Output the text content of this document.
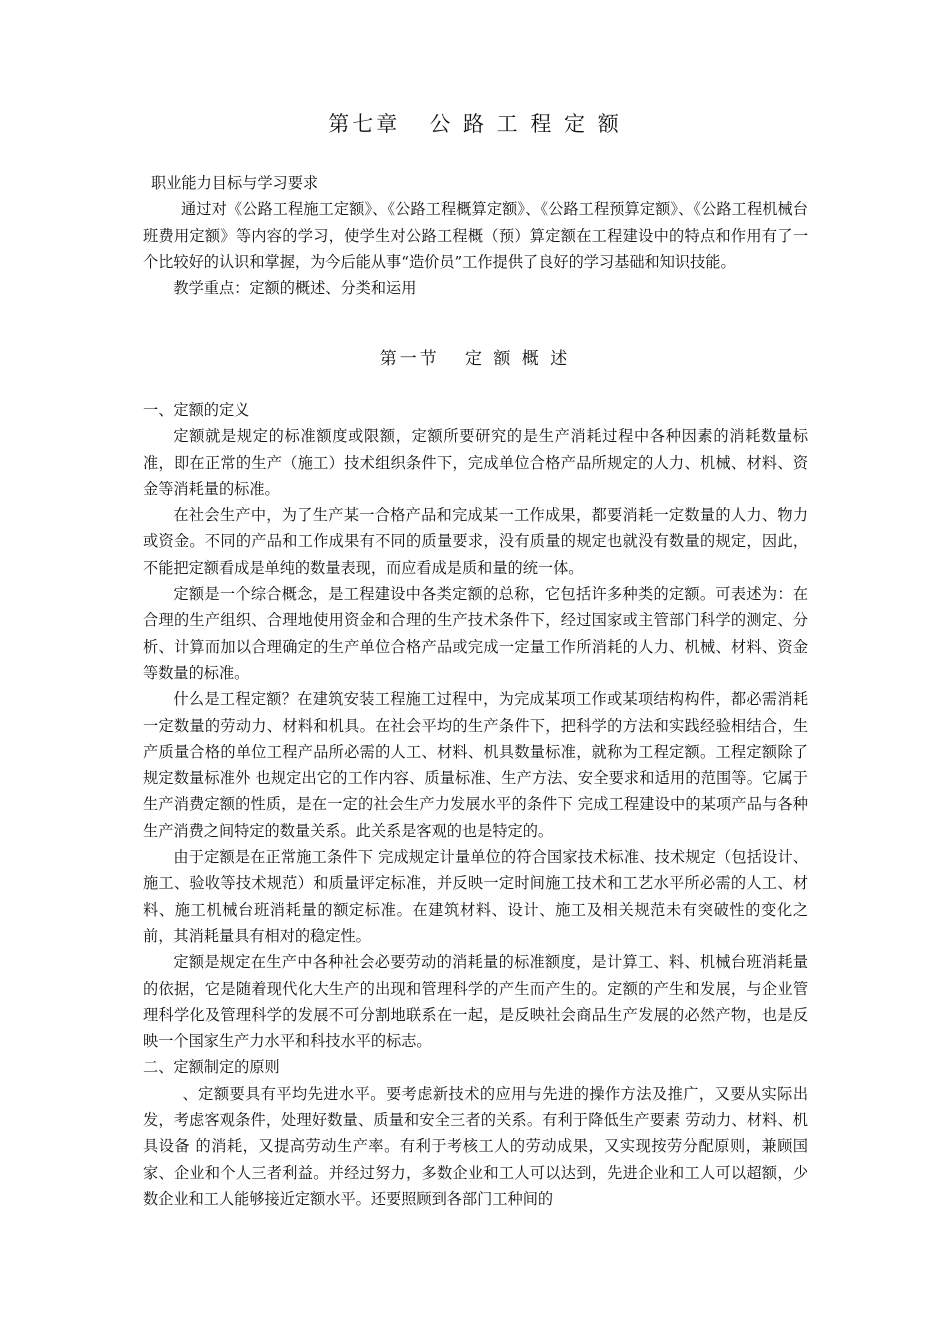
第七章   公 路 工 程 定 额

职业能力目标与学习要求

通过对《公路工程施工定额》、《公路工程概算定额》、《公路工程预算定额》、《公路工程机械台班费用定额》等内容的学习，使学生对公路工程概（预）算定额在工程建设中的特点和作用有了一个比较好的认识和掌握，为今后能从事“造价员”工作提供了良好的学习基础和知识技能。

教学重点：定额的概述、分类和运用

第一节   定 额 概 述

一、定额的定义

定额就是规定的标准额度或限额，定额所要研究的是生产消耗过程中各种因素的消耗数量标准，即在正常的生产（施工）技术组织条件下，完成单位合格产品所规定的人力、机械、材料、资金等消耗量的标准。

在社会生产中，为了生产某一合格产品和完成某一工作成果，都要消耗一定数量的人力、物力或资金。不同的产品和工作成果有不同的质量要求，没有质量的规定也就没有数量的规定，因此，不能把定额看成是单纯的数量表现，而应看成是质和量的统一体。

定额是一个综合概念，是工程建设中各类定额的总称，它包括许多种类的定额。可表述为：在合理的生产组织、合理地使用资金和合理的生产技术条件下，经过国家或主管部门科学的测定、分析、计算而加以合理确定的生产单位合格产品或完成一定量工作所消耗的人力、机械、材料、资金等数量的标准。

什么是工程定额？在建筑安装工程施工过程中，为完成某项工作或某项结构构件，都必需消耗一定数量的劳动力、材料和机具。在社会平均的生产条件下，把科学的方法和实践经验相结合，生产质量合格的单位工程产品所必需的人工、材料、机具数量标准，就称为工程定额。工程定额除了规定数量标准外 也规定出它的工作内容、质量标准、生产方法、安全要求和适用的范围等。它属于生产消费定额的性质，是在一定的社会生产力发展水平的条件下 完成工程建设中的某项产品与各种生产消费之间特定的数量关系。此关系是客观的也是特定的。

由于定额是在正常施工条件下 完成规定计量单位的符合国家技术标准、技术规定（包括设计、施工、验收等技术规范）和质量评定标准，并反映一定时间施工技术和工艺水平所必需的人工、材料、施工机械台班消耗量的额定标准。在建筑材料、设计、施工及相关规范未有突破性的变化之前，其消耗量具有相对的稳定性。

定额是规定在生产中各种社会必要劳动的消耗量的标准额度，是计算工、料、机械台班消耗量的依据，它是随着现代化大生产的出现和管理科学的产生而产生的。定额的产生和发展，与企业管理科学化及管理科学的发展不可分割地联系在一起，是反映社会商品生产发展的必然产物，也是反映一个国家生产力水平和科技水平的标志。

二、定额制定的原则

、定额要具有平均先进水平。要考虑新技术的应用与先进的操作方法及推广，又要从实际出发，考虑客观条件，处理好数量、质量和安全三者的关系。有利于降低生产要素 劳动力、材料、机具设备 的消耗，又提高劳动生产率。有利于考核工人的劳动成果，又实现按劳分配原则，兼顾国家、企业和个人三者利益。并经过努力，多数企业和工人可以达到，先进企业和工人可以超额，少数企业和工人能够接近定额水平。还要照顾到各部门工种间的
